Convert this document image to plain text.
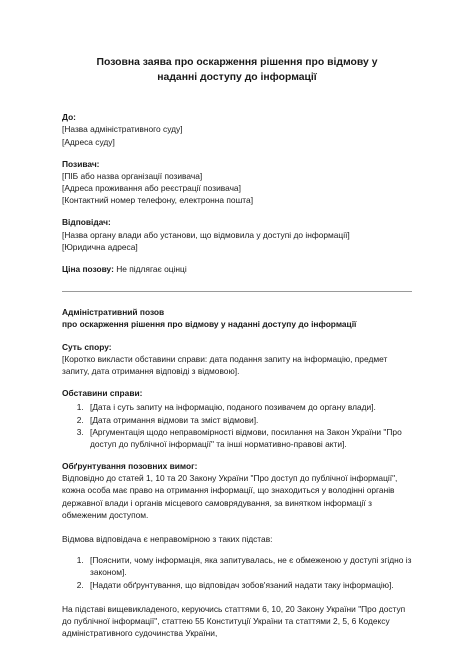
Позовна заява про оскарження рішення про відмову у наданні доступу до інформації
До:
[Назва адміністративного суду]
[Адреса суду]
Позивач:
[ПІБ або назва організації позивача]
[Адреса проживання або реєстрації позивача]
[Контактний номер телефону, електронна пошта]
Відповідач:
[Назва органу влади або установи, що відмовила у доступі до інформації]
[Юридична адреса]
Ціна позову: Не підлягає оцінці
Адміністративний позов
про оскарження рішення про відмову у наданні доступу до інформації
Суть спору:

[Коротко викласти обставини справи: дата подання запиту на інформацію, предмет запиту, дата отримання відповіді з відмовою].

Обставини справи:
1. [Дата і суть запиту на інформацію, поданого позивачем до органу влади].
2. [Дата отримання відмови та зміст відмови].
3. [Аргументація щодо неправомірності відмови, посилання на Закон України "Про доступ до публічної інформації" та інші нормативно-правові акти].
Обґрунтування позовних вимог:

Відповідно до статей 1, 10 та 20 Закону України "Про доступ до публічної інформації", кожна особа має право на отримання інформації, що знаходиться у володінні органів державної влади і органів місцевого самоврядування, за винятком інформації з обмеженим доступом.

Відмова відповідача є неправомірною з таких підстав:

1. [Пояснити, чому інформація, яка запитувалась, не є обмеженою у доступі згідно із законом].
2. [Надати обґрунтування, що відповідач зобов'язаний надати таку інформацію].

На підставі вищевикладеного, керуючись статтями 6, 10, 20 Закону України "Про доступ до публічної інформації", статтею 55 Конституції України та статтями 2, 5, 6 Кодексу адміністративного судочинства України,
